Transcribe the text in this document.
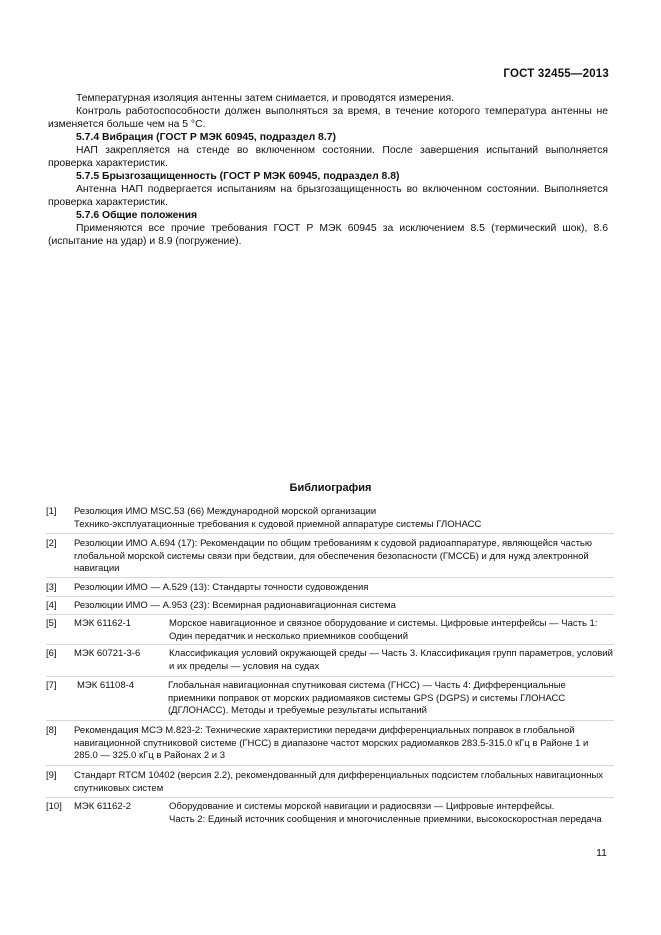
ГОСТ 32455—2013

Температурная изоляция антенны затем снимается, и проводятся измерения.

Контроль работоспособности должен выполняться за время, в течение которого температура антенны не изменяется больше чем на 5 °С.

5.7.4 Вибрация (ГОСТ Р МЭК 60945, подраздел 8.7)

НАП закрепляется на стенде во включенном состоянии. После завершения испытаний выполняется проверка характеристик.

5.7.5 Брызгозащищенность (ГОСТ Р МЭК 60945, подраздел 8.8)

Антенна НАП подвергается испытаниям на брызгозащищенность во включенном состоянии. Выполняется проверка характеристик.

5.7.6 Общие положения

Применяются все прочие требования ГОСТ Р МЭК 60945 за исключением 8.5 (термический шок), 8.6 (испытание на удар) и 8.9 (погружение).

Библиография
[1]	Резолюция ИМО MSC.53 (66) Международной морской организации
Технико-эксплуатационные требования к судовой приемной аппаратуре системы ГЛОНАСС
[2]	Резолюции ИМО А.694 (17): Рекомендации по общим требованиям к судовой радиоаппаратуре, являющейся частью глобальной морской системы связи при бедствии, для обеспечения безопасности (ГМССБ) и для нужд электронной навигации
[3]	Резолюции ИМО — А.529 (13): Стандарты точности судовождения
[4]	Резолюции ИМО — А.953 (23): Всемирная радионавигационная система
[5]	МЭК 61162-1	Морское навигационное и связное оборудование и системы. Цифровые интерфейсы — Часть 1: Один передатчик и несколько приемников сообщений
[6]	МЭК 60721-3-6	Классификация условий окружающей среды — Часть 3. Классификация групп параметров, условий и их пределы — условия на судах
[7]	МЭК 61108-4	Глобальная навигационная спутниковая система (ГНСС) — Часть 4: Дифференциальные приемники поправок от морских радиомаяков системы GPS (DGPS) и системы ГЛОНАСС (ДГЛОНАСС). Методы и требуемые результаты испытаний
[8]	Рекомендация МСЭ М.823-2: Технические характеристики передачи дифференциальных поправок в глобальной навигационной спутниковой системе (ГНСС) в диапазоне частот морских радиомаяков 283.5-315.0 кГц в Районе 1 и 285.0 — 325.0 кГц в Районах 2 и 3
[9]	Стандарт RTCM 10402 (версия 2.2), рекомендованный для дифференциальных подсистем глобальных навигационных спутниковых систем
[10]	МЭК 61162-2	Оборудование и системы морской навигации и радиосвязи — Цифровые интерфейсы.
Часть 2: Единый источник сообщения и многочисленные приемники, высокоскоростная передача
11
